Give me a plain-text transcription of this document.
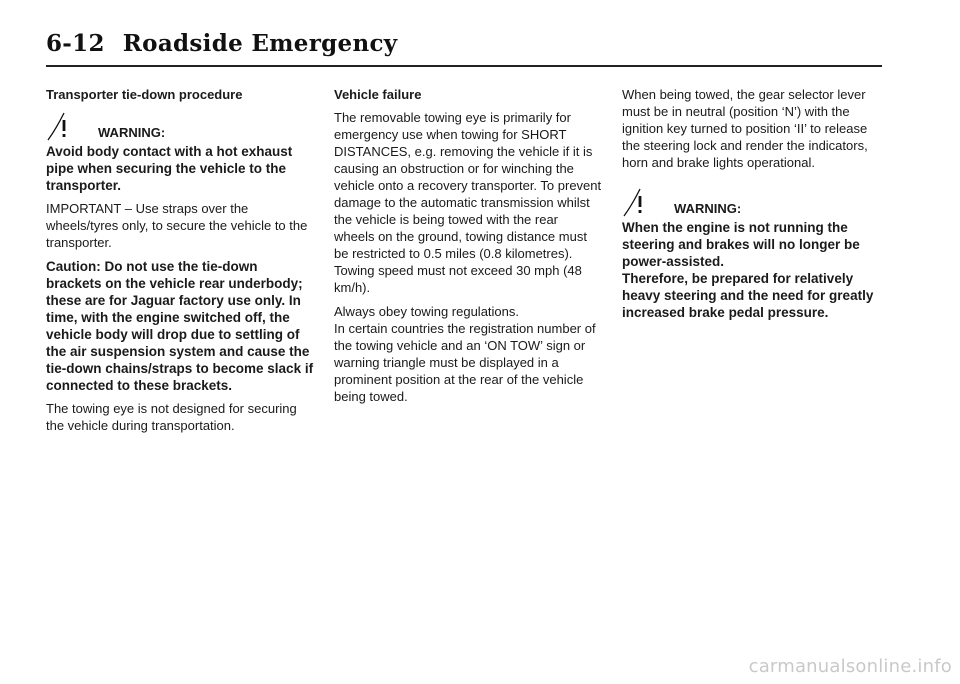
6-12 Roadside Emergency

Transporter tie-down procedure

WARNING:

Avoid body contact with a hot exhaust pipe when securing the vehicle to the transporter.

IMPORTANT – Use straps over the wheels/tyres only, to secure the vehicle to the transporter.

Caution: Do not use the tie-down brackets on the vehicle rear underbody; these are for Jaguar factory use only. In time, with the engine switched off, the vehicle body will drop due to settling of the air suspension system and cause the tie-down chains/straps to become slack if connected to these brackets.

The towing eye is not designed for securing the vehicle during transportation.

Vehicle failure

The removable towing eye is primarily for emergency use when towing for SHORT DISTANCES, e.g. removing the vehicle if it is causing an obstruction or for winching the vehicle onto a recovery transporter. To prevent damage to the automatic transmission whilst the vehicle is being towed with the rear wheels on the ground, towing distance must be restricted to 0.5 miles (0.8 kilometres). Towing speed must not exceed 30 mph (48 km/h).

Always obey towing regulations.

In certain countries the registration number of the towing vehicle and an ‘ON TOW’ sign or warning triangle must be displayed in a prominent position at the rear of the vehicle being towed.

When being towed, the gear selector lever must be in neutral (position ‘N’) with the ignition key turned to position ‘II’ to release the steering lock and render the indicators, horn and brake lights operational.

WARNING:

When the engine is not running the steering and brakes will no longer be power-assisted.

Therefore, be prepared for relatively heavy steering and the need for greatly increased brake pedal pressure.

carmanualsonline.info
